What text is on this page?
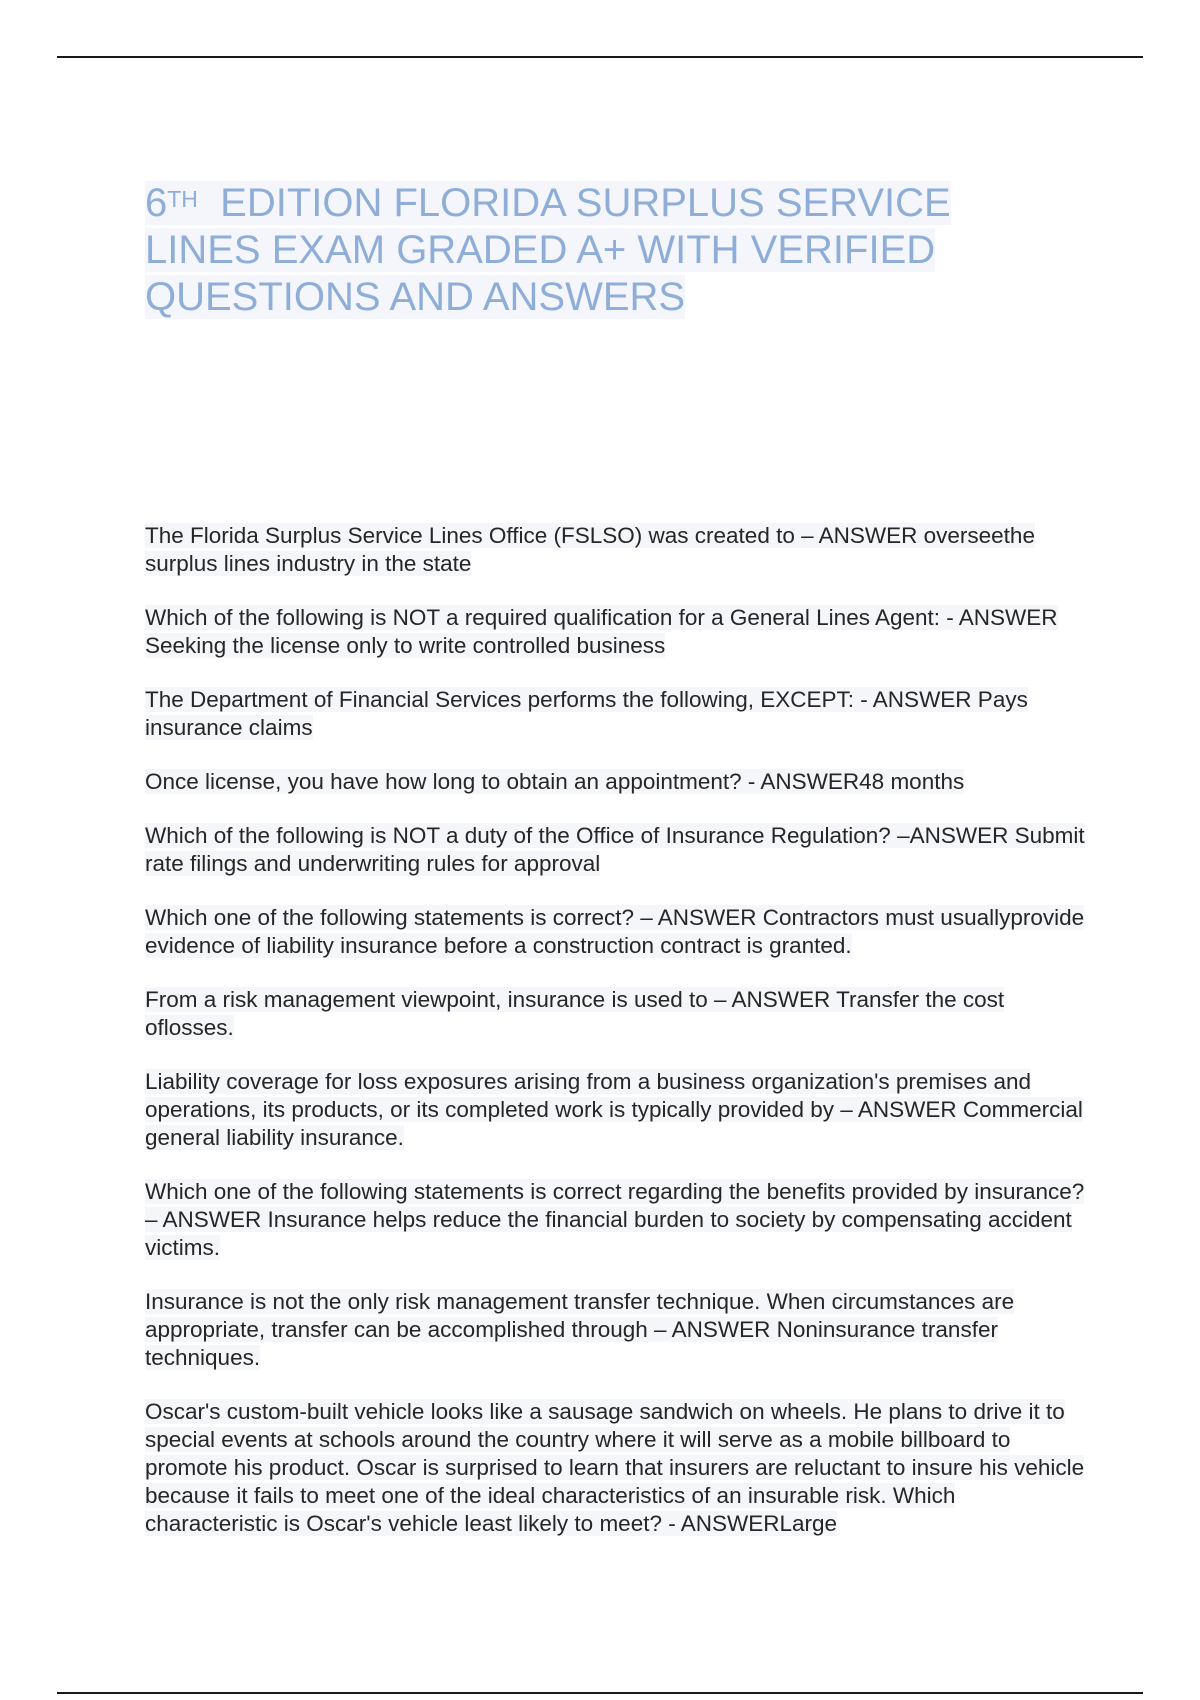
6TH EDITION FLORIDA SURPLUS SERVICE LINES EXAM GRADED A+ WITH VERIFIED QUESTIONS AND ANSWERS
The Florida Surplus Service Lines Office (FSLSO) was created to – ANSWER overseethe surplus lines industry in the state
Which of the following is NOT a required qualification for a General Lines Agent: - ANSWER Seeking the license only to write controlled business
The Department of Financial Services performs the following, EXCEPT: - ANSWER Pays insurance claims
Once license, you have how long to obtain an appointment? - ANSWER48 months
Which of the following is NOT a duty of the Office of Insurance Regulation? –ANSWER Submit rate filings and underwriting rules for approval
Which one of the following statements is correct? – ANSWER Contractors must usuallyprovide evidence of liability insurance before a construction contract is granted.
From a risk management viewpoint, insurance is used to – ANSWER Transfer the cost oflosses.
Liability coverage for loss exposures arising from a business organization's premises and operations, its products, or its completed work is typically provided by – ANSWER Commercial general liability insurance.
Which one of the following statements is correct regarding the benefits provided by insurance? – ANSWER Insurance helps reduce the financial burden to society by compensating accident victims.
Insurance is not the only risk management transfer technique. When circumstances are appropriate, transfer can be accomplished through – ANSWER Noninsurance transfer techniques.
Oscar's custom-built vehicle looks like a sausage sandwich on wheels. He plans to drive it to special events at schools around the country where it will serve as a mobile billboard to promote his product. Oscar is surprised to learn that insurers are reluctant to insure his vehicle because it fails to meet one of the ideal characteristics of an insurable risk. Which characteristic is Oscar's vehicle least likely to meet? - ANSWERLarge
